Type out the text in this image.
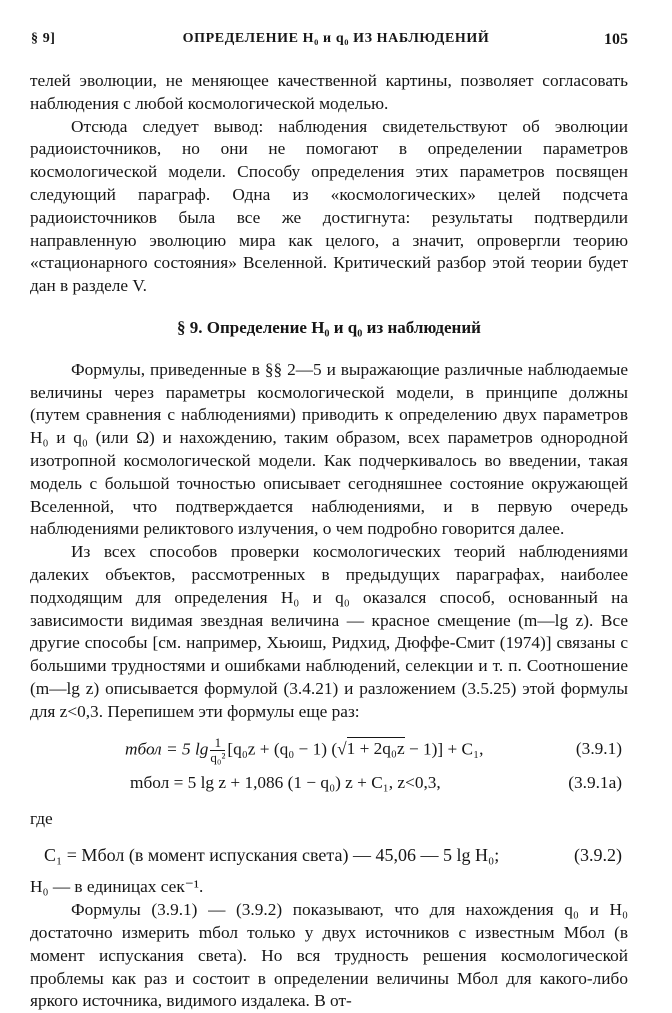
§ 9]	ОПРЕДЕЛЕНИЕ H₀ и q₀ ИЗ НАБЛЮДЕНИЙ	105

телей эволюции, не меняющее качественной картины, позволяет согласовать наблюдения с любой космологической моделью.

Отсюда следует вывод: наблюдения свидетельствуют об эволюции радиоисточников, но они не помогают в определении параметров космологической модели. Способу определения этих параметров посвящен следующий параграф. Одна из «космологических» целей подсчета радиоисточников была все же достигнута: результаты подтвердили направленную эволюцию мира как целого, а значит, опровергли теорию «стационарного состояния» Вселенной. Критический разбор этой теории будет дан в разделе V.

§ 9. Определение H₀ и q₀ из наблюдений

Формулы, приведенные в §§ 2—5 и выражающие различные наблюдаемые величины через параметры космологической модели, в принципе должны (путем сравнения с наблюдениями) приводить к определению двух параметров H₀ и q₀ (или Ω) и нахождению, таким образом, всех параметров однородной изотропной космологической модели. Как подчеркивалось во введении, такая модель с большой точностью описывает сегодняшнее состояние окружающей Вселенной, что подтверждается наблюдениями, и в первую очередь наблюдениями реликтового излучения, о чем подробно говорится далее.

Из всех способов проверки космологических теорий наблюдениями далеких объектов, рассмотренных в предыдущих параграфах, наиболее подходящим для определения H₀ и q₀ оказался способ, основанный на зависимости видимая звездная величина — красное смещение (m—lg z). Все другие способы [см. например, Хьюиш, Ридхид, Дюффе-Смит (1974)] связаны с большими трудностями и ошибками наблюдений, селекции и т. п. Соотношение (m—lg z) описывается формулой (3.4.21) и разложением (3.5.25) этой формулы для z<0,3. Перепишем эти формулы еще раз:

mбол = 5 $\lg \frac{1}{\text{q₀²}} [q_0z + (q_0 - 1) (√1 + 2q_0z - 1)] + C_1$,	(3.9.1)
mбол = 5 lg z + 1,086 (1 − q₀) z + C₁, z<0,3,	(3.9.1а)
где
C₁ = Mбол (в момент испускания света) — 45,06 — 5 lg H₀;	(3.9.2)

H₀ — в единицах сек⁻¹.

Формулы (3.9.1) — (3.9.2) показывают, что для нахождения q₀ и H₀ достаточно измерить mбол только у двух источников с известным Mбол (в момент испускания света). Но вся трудность решения космологической проблемы как раз и состоит в определении величины Mбол для какого-либо яркого источника, видимого издалека. В от-
